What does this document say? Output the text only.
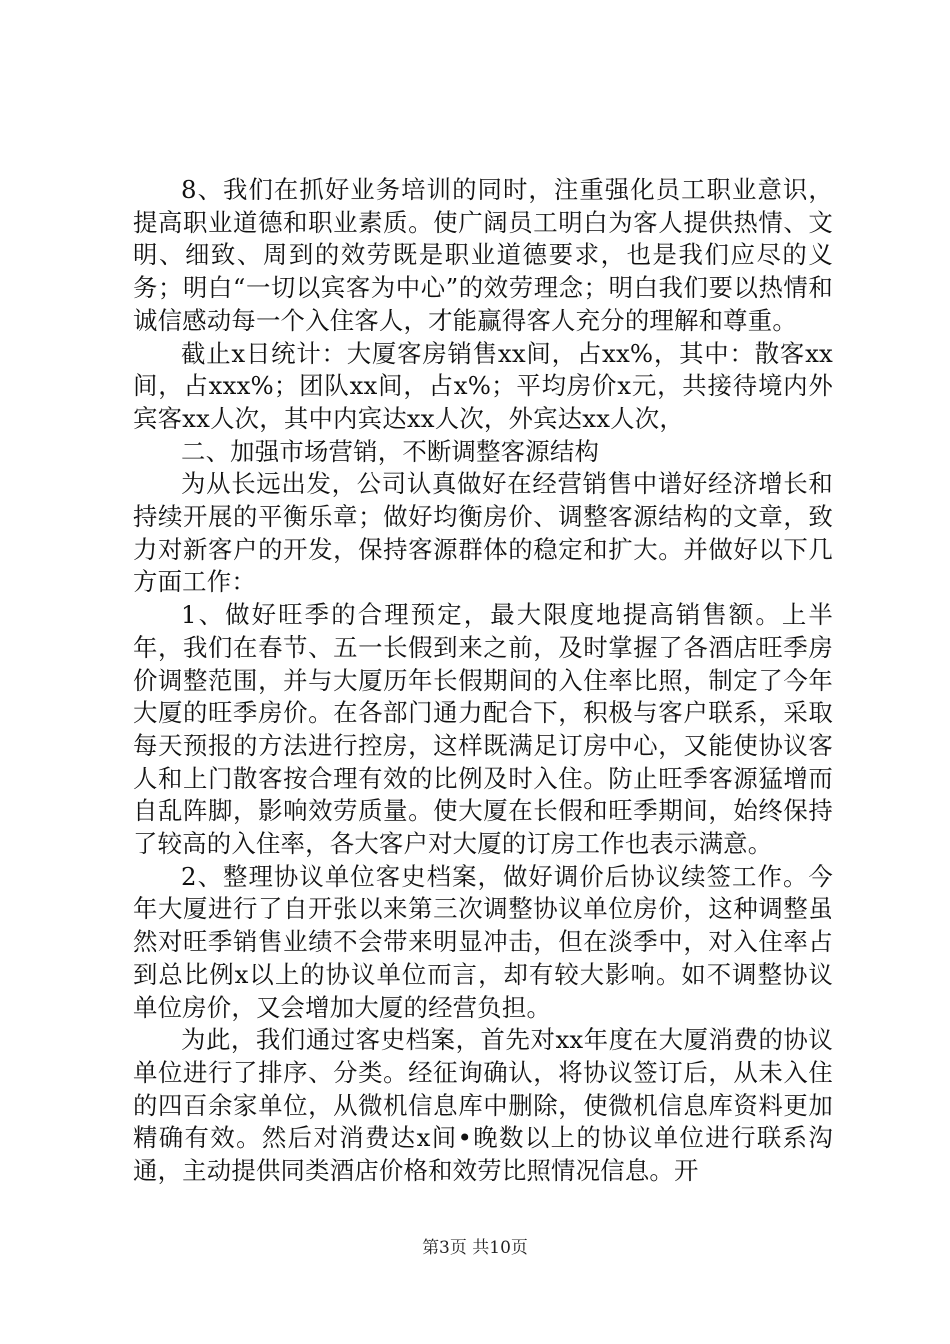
8、我们在抓好业务培训的同时，注重强化员工职业意识，提高职业道德和职业素质。使广阔员工明白为客人提供热情、文明、细致、周到的效劳既是职业道德要求，也是我们应尽的义务；明白“一切以宾客为中心”的效劳理念；明白我们要以热情和诚信感动每一个入住客人，才能赢得客人充分的理解和尊重。

截止x日统计：大厦客房销售xx间，占xx%，其中：散客xx间，占xxx%；团队xx间，占x%；平均房价x元，共接待境内外宾客xx人次，其中内宾达xx人次，外宾达xx人次，

二、加强市场营销，不断调整客源结构

为从长远出发，公司认真做好在经营销售中谱好经济增长和持续开展的平衡乐章；做好均衡房价、调整客源结构的文章，致力对新客户的开发，保持客源群体的稳定和扩大。并做好以下几方面工作：

1、做好旺季的合理预定，最大限度地提高销售额。上半年，我们在春节、五一长假到来之前，及时掌握了各酒店旺季房价调整范围，并与大厦历年长假期间的入住率比照，制定了今年大厦的旺季房价。在各部门通力配合下，积极与客户联系，采取每天预报的方法进行控房，这样既满足订房中心，又能使协议客人和上门散客按合理有效的比例及时入住。防止旺季客源猛增而自乱阵脚，影响效劳质量。使大厦在长假和旺季期间，始终保持了较高的入住率，各大客户对大厦的订房工作也表示满意。

2、整理协议单位客史档案，做好调价后协议续签工作。今年大厦进行了自开张以来第三次调整协议单位房价，这种调整虽然对旺季销售业绩不会带来明显冲击，但在淡季中，对入住率占到总比例x以上的协议单位而言，却有较大影响。如不调整协议单位房价，又会增加大厦的经营负担。

为此，我们通过客史档案，首先对xx年度在大厦消费的协议单位进行了排序、分类。经征询确认，将协议签订后，从未入住的四百余家单位，从微机信息库中删除，使微机信息库资料更加精确有效。然后对消费达x间•晚数以上的协议单位进行联系沟通，主动提供同类酒店价格和效劳比照情况信息。开

第3页 共10页
